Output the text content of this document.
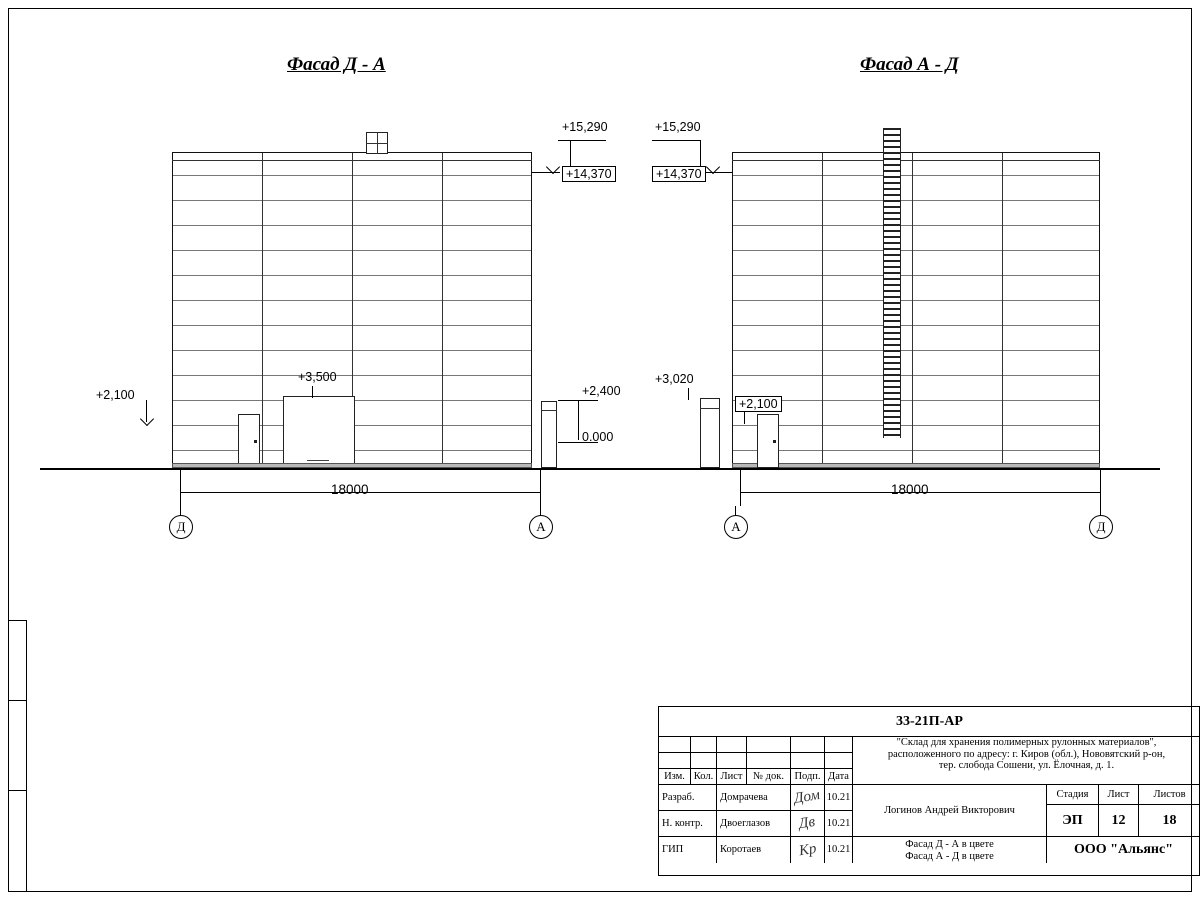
Фасад Д - А
+15,290
+14,370
+3,500
+2,100	+2,400
0.000
18000
Д	А
Фасад А - Д
+15,290
+14,370
+3,020
+2,100
18000
А	Д
33-21П-АР
"Склад для хранения полимерных рулонных материалов",
расположенного по адресу: г. Киров (обл.), Нововятский р-он,
тер. слобода Сошени, ул. Ёлочная, д. 1.
Изм. Кол. Лист	№ док. Подп. Дата
Разраб.	Домрачева	Дом 10.21
Н. контр.	Двоеглазов	Дв 10.21
ГИП	Коротаев	Кр 10.21
Стадия	Лист	Листов
ЭП	12	18
Логинов Андрей Викторович
Фасад Д - А в цвете
Фасад А - Д в цвете	ООО "Альянс"
